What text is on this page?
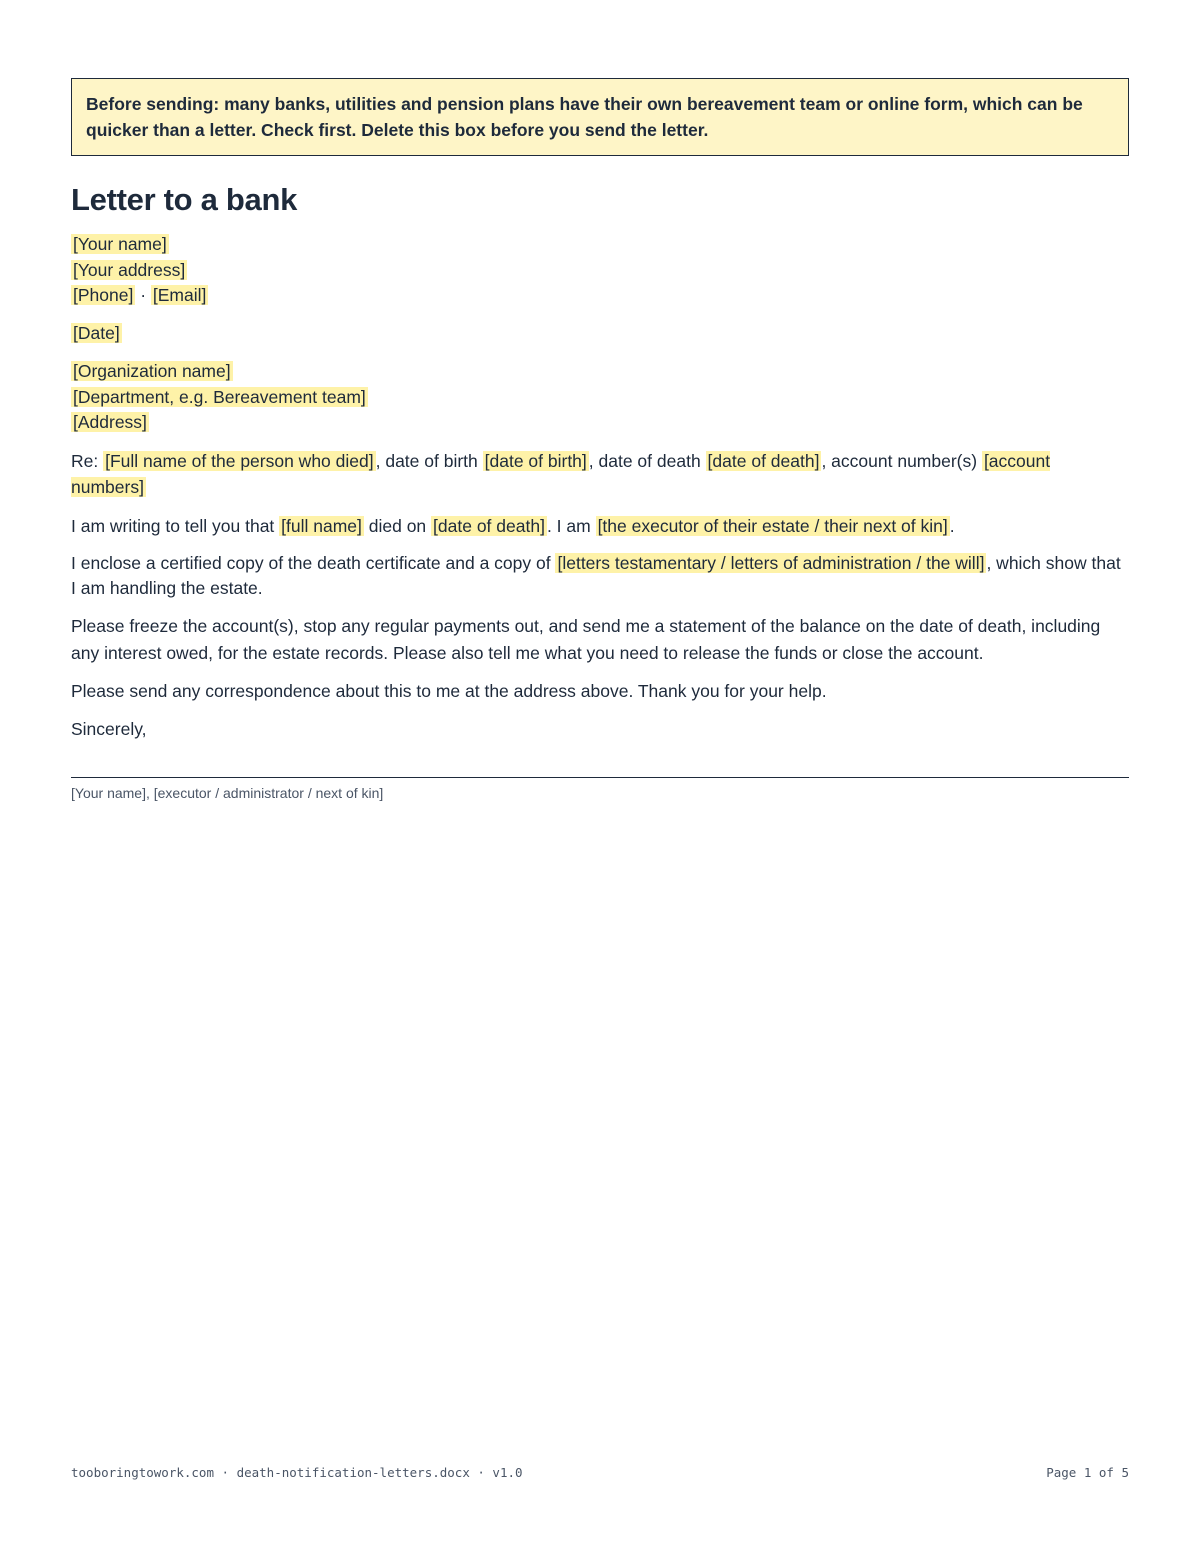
Before sending: many banks, utilities and pension plans have their own bereavement team or online form, which can be quicker than a letter. Check first. Delete this box before you send the letter.
Letter to a bank
[Your name]
[Your address]
[Phone] · [Email]
[Date]
[Organization name]
[Department, e.g. Bereavement team]
[Address]
Re: [Full name of the person who died] , date of birth [date of birth] , date of death [date of death] , account number(s) [account numbers]
I am writing to tell you that [full name] died on [date of death] . I am [the executor of their estate / their next of kin] .
I enclose a certified copy of the death certificate and a copy of [letters testamentary / letters of administration / the will] , which show that I am handling the estate.
Please freeze the account(s), stop any regular payments out, and send me a statement of the balance on the date of death, including any interest owed, for the estate records. Please also tell me what you need to release the funds or close the account.
Please send any correspondence about this to me at the address above. Thank you for your help.
Sincerely,
[Your name], [executor / administrator / next of kin]
tooboringtowork.com · death-notification-letters.docx · v1.0	Page 1 of 5
